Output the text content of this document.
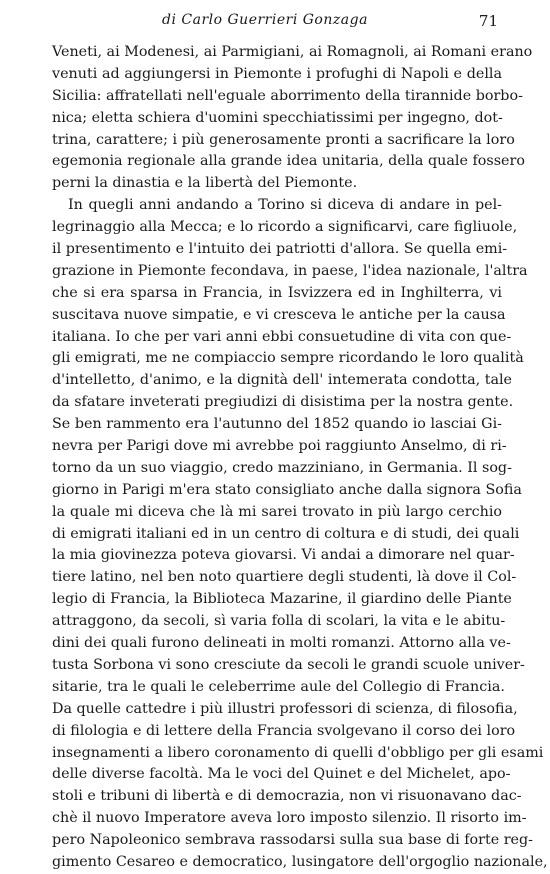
di Carlo Guerrieri Gonzaga	71
Veneti, ai Modenesi, ai Parmigiani, ai Romagnoli, ai Romani erano
venuti ad aggiungersi in Piemonte i profughi di Napoli e della
Sicilia: affratellati nell'eguale aborrimento della tirannide borbo-
nica; eletta schiera d'uomini specchiatissimi per ingegno, dot-
trina, carattere; i più generosamente pronti a sacrificare la loro
egemonia regionale alla grande idea unitaria, della quale fossero
perni la dinastia e la libertà del Piemonte.
In quegli anni andando a Torino si diceva di andare in pel-
legrinaggio alla Mecca; e lo ricordo a significarvi, care figliuole,
il presentimento e l'intuito dei patriotti d'allora. Se quella emi-
grazione in Piemonte fecondava, in paese, l'idea nazionale, l'altra
che si era sparsa in Francia, in Isvizzera ed in Inghilterra, vi
suscitava nuove simpatie, e vi cresceva le antiche per la causa
italiana. Io che per vari anni ebbi consuetudine di vita con que-
gli emigrati, me ne compiaccio sempre ricordando le loro qualità
d'intelletto, d'animo, e la dignità dell' intemerata condotta, tale
da sfatare inveterati pregiudizi di disistima per la nostra gente.
Se ben rammento era l'autunno del 1852 quando io lasciai Gi-
nevra per Parigi dove mi avrebbe poi raggiunto Anselmo, di ri-
torno da un suo viaggio, credo mazziniano, in Germania. Il sog-
giorno in Parigi m'era stato consigliato anche dalla signora Sofia
la quale mi diceva che là mi sarei trovato in più largo cerchio
di emigrati italiani ed in un centro di coltura e di studi, dei quali
la mia giovinezza poteva giovarsi. Vi andai a dimorare nel quar-
tiere latino, nel ben noto quartiere degli studenti, là dove il Col-
legio di Francia, la Biblioteca Mazarine, il giardino delle Piante
attraggono, da secoli, sì varia folla di scolari, la vita e le abitu-
dini dei quali furono delineati in molti romanzi. Attorno alla ve-
tusta Sorbona vi sono cresciute da secoli le grandi scuole univer-
sitarie, tra le quali le celeberrime aule del Collegio di Francia.
Da quelle cattedre i più illustri professori di scienza, di filosofia,
di filologia e di lettere della Francia svolgevano il corso dei loro
insegnamenti a libero coronamento di quelli d'obbligo per gli esami
delle diverse facoltà. Ma le voci del Quinet e del Michelet, apo-
stoli e tribuni di libertà e di democrazia, non vi risuonavano dac-
chè il nuovo Imperatore aveva loro imposto silenzio. Il risorto im-
pero Napoleonico sembrava rassodarsi sulla sua base di forte reg-
gimento Cesareo e democratico, lusingatore dell'orgoglio nazionale,
